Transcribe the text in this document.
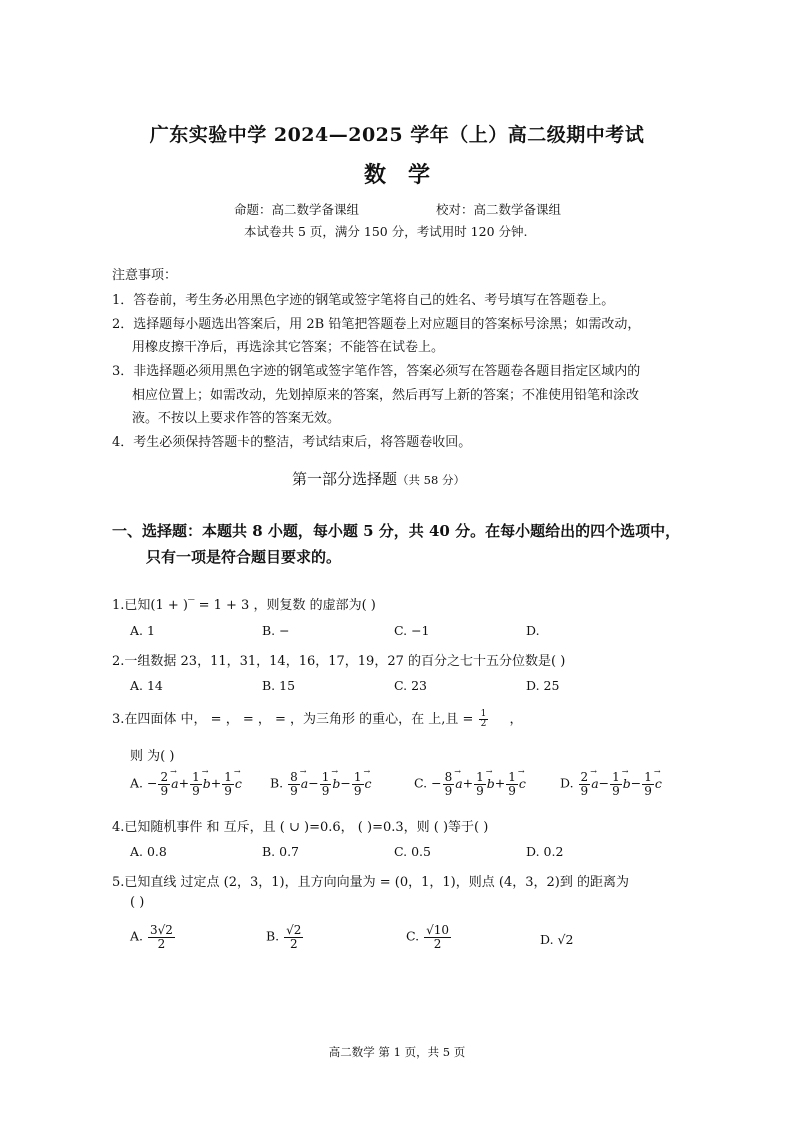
广东实验中学 2024—2025 学年（上）高二级期中考试
数学
命题：高二数学备课组	校对：高二数学备课组
本试卷共 5 页，满分 150 分，考试用时 120 分钟.
注意事项：
1．答卷前，考生务必用黑色字迹的钢笔或签字笔将自己的姓名、考号填写在答题卷上。
2．选择题每小题选出答案后，用 2B 铅笔把答题卷上对应题目的答案标号涂黑；如需改动，
用橡皮擦干净后，再选涂其它答案；不能答在试卷上。
3．非选择题必须用黑色字迹的钢笔或签字笔作答，答案必须写在答题卷各题目指定区域内的
相应位置上；如需改动，先划掉原来的答案，然后再写上新的答案；不准使用铅笔和涂改
液。不按以上要求作答的答案无效。
4．考生必须保持答题卡的整洁，考试结束后，将答题卷收回。
第一部分选择题（共 58 分）
一、选择题：本题共 8 小题，每小题 5 分，共 40 分。在每小题给出的四个选项中，
只有一项是符合题目要求的。
1.已知(1 + )‾ = 1 + 3 ，则复数 的虚部为( )
A. 1	B. −	C. −1	D.
2.一组数据 23，11，31，14，16，17，19，27 的百分之七十五分位数是( )
A. 14	B. 15	C. 23	D. 25
3.在四面体 中， = ， = ， = ，为三角形 的重心，在 上,且 = $\frac{1}{2}$ ，
则 为( )
A. − $\frac{2}{9}$
→ $a+ \frac{1}{9}$
→ $b+ \frac{1}{9}$
→ c B. $\frac{8}{9}$
→ $a- \frac{1}{9}$
→ $b- \frac{1}{9}$
→ c	C. − $\frac{8}{9}$
→ $a+ \frac{1}{9}$
→ $b+ \frac{1}{9}$
→ c	D. $\frac{2}{9}$
→ $a- \frac{1}{9}$
→ $b- \frac{1}{9}$
→ c
4.已知随机事件 和 互斥，且 ( ∪ )=0.6， ( )=0.3，则 ( )等于( )
A. 0.8	B. 0.7	C. 0.5	D. 0.2
5.已知直线 过定点 (2，3，1)，且方向向量为 = (0，1，1)，则点 (4，3，2)到 的距离为
( )
A. $\frac{3√2}{2}$	B. $\frac{√2}{2}$	C. $\frac{√10}{2}$	D. √2
高二数学 第 1 页，共 5 页
